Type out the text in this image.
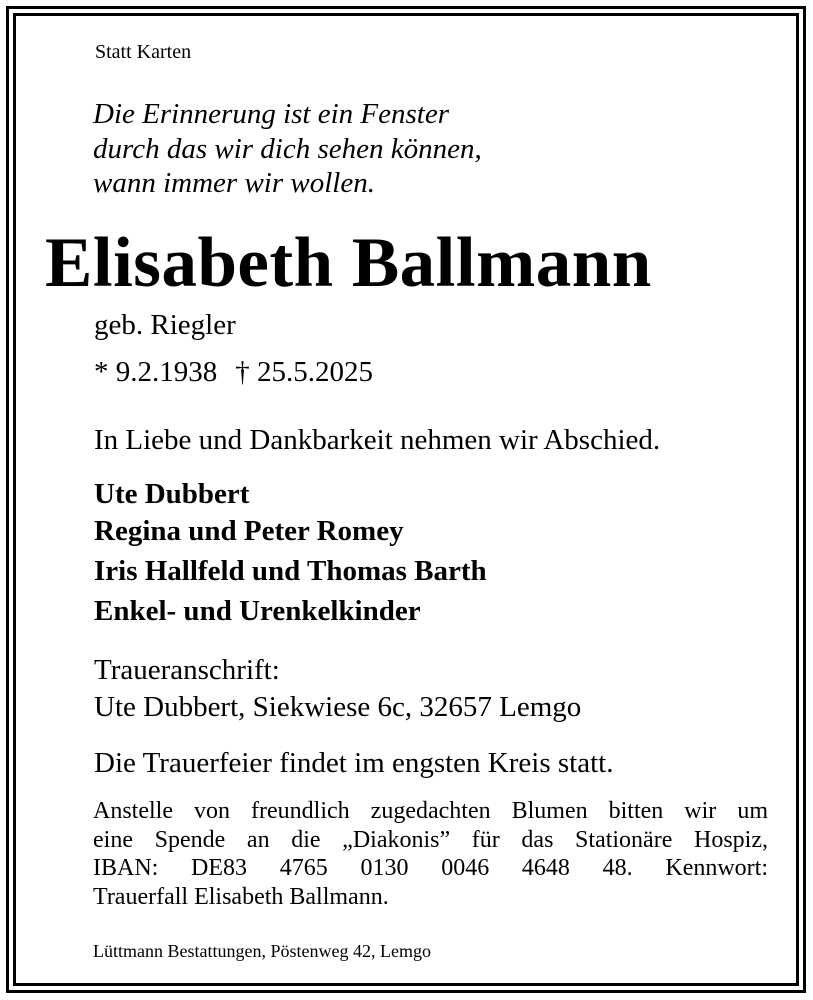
Statt Karten
Die Erinnerung ist ein Fenster
durch das wir dich sehen können,
wann immer wir wollen.
Elisabeth Ballmann
geb. Riegler
* 9.2.1938 † 25.5.2025
In Liebe und Dankbarkeit nehmen wir Abschied.
Ute Dubbert
Regina und Peter Romey
Iris Hallfeld und Thomas Barth
Enkel- und Urenkelkinder
Traueranschrift:
Ute Dubbert, Siekwiese 6c, 32657 Lemgo
Die Trauerfeier findet im engsten Kreis statt.
Anstelle von freundlich zugedachten Blumen bitten wir um
eine Spende an die „Diakonis” für das Stationäre Hospiz,
IBAN: DE83 4765 0130 0046 4648 48. Kennwort:
Trauerfall Elisabeth Ballmann.
Lüttmann Bestattungen, Pöstenweg 42, Lemgo
